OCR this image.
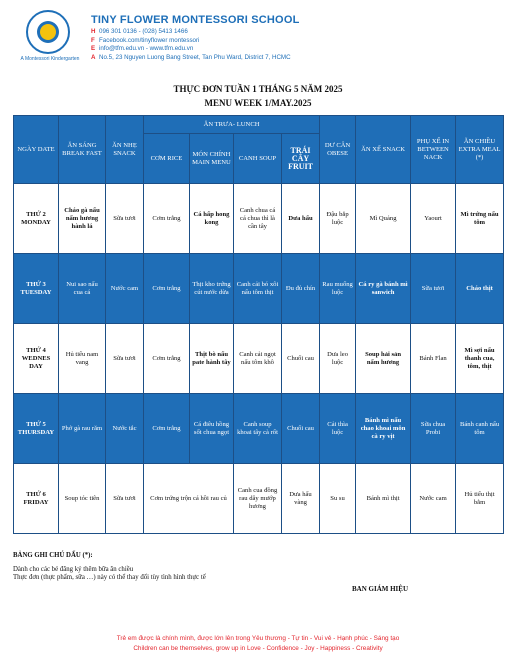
A Montessori Kindergarten
TINY FLOWER MONTESSORI SCHOOL
H 096 301 0136 - (028) 5413 1466
F Facebook.com/tinyflower montessori
E info@tfm.edu.vn - www.tfm.edu.vn
A No.5, 23 Nguyen Luong Bang Street, Tan Phu Ward, District 7, HCMC
THỰC ĐƠN TUẦN 1 THÁNG 5 NĂM 2025
MENU WEEK 1/MAY.2025
NGÀY DATE	ĂN SÁNG BREAK FAST	ĂN NHẸ SNACK	ĂN TRƯA- LUNCH				DƯ CÂN OBESE	ĂN XẾ SNACK	PHỤ XẾ IN BETWEEN NACK	ĂN CHIỀU EXTRA MEAL (*)
			CƠM RICE	MÓN CHÍNH MAIN MENU	CANH SOUP	TRÁI CÂY FRUIT				
THỨ 2 MONDAY	Cháo gà nấu nấm hương hành lá	Sữa tươi	Cơm trắng	Cá hấp hong kong	Canh chua cá cá chua thì là cần tây	Dưa hấu	Đậu bắp luộc	Mì Quảng	Yaourt	Mì trứng nấu tôm
THỨ 3 TUESDAY	Nui sao nấu cua cá	Nước cam	Cơm trắng	Thịt kho trứng cút nước dừa	Canh cải bó xôi nấu tôm thịt	Đu đủ chín	Rau muống luộc	Cá ry gà bánh mì sanwich	Sữa tươi	Cháo thịt
THỨ 4 WEDNES DAY	Hủ tiếu nam vang	Sữa tươi	Cơm trắng	Thịt bò nấu pate hành tây	Canh cải ngọt nấu tôm khô	Chuối cau	Dưa leo luộc	Soup hải sản nấm hương	Bánh Flan	Mì sợi nấu thanh cua, tôm, thịt
THỨ 5 THURSDAY	Phở gà rau răm	Nước tắc	Cơm trắng	Cá điêu hồng sốt chua ngọt	Canh soup khoai tây cà rốt	Chuối cau	Cải thìa luộc	Bánh mì nấu chao khoai môn cà ry vịt	Sữa chua Probi	Bánh canh nấu tôm
THỨ 6 FRIDAY	Soup tóc tiên	Sữa tươi	Cơm trứng trộn cá hồi rau củ		Canh cua đồng rau dây mướp hương	Dưa hấu vàng	Su su	Bánh mì thịt	Nước cam	Hủ tiếu thịt bằm
BẢNG GHI CHÚ DẤU (*):
Dành cho các bé đăng ký thêm bữa ăn chiều
Thực đơn (thực phẩm, sữa …) này có thể thay đổi tùy tình hình thực tế
BAN GIÁM HIỆU
Trẻ em được là chính mình, được lớn lên trong Yêu thương - Tự tin - Vui vẻ - Hạnh phúc - Sáng tạo
Children can be themselves, grow up in Love - Confidence - Joy - Happiness - Creativity
